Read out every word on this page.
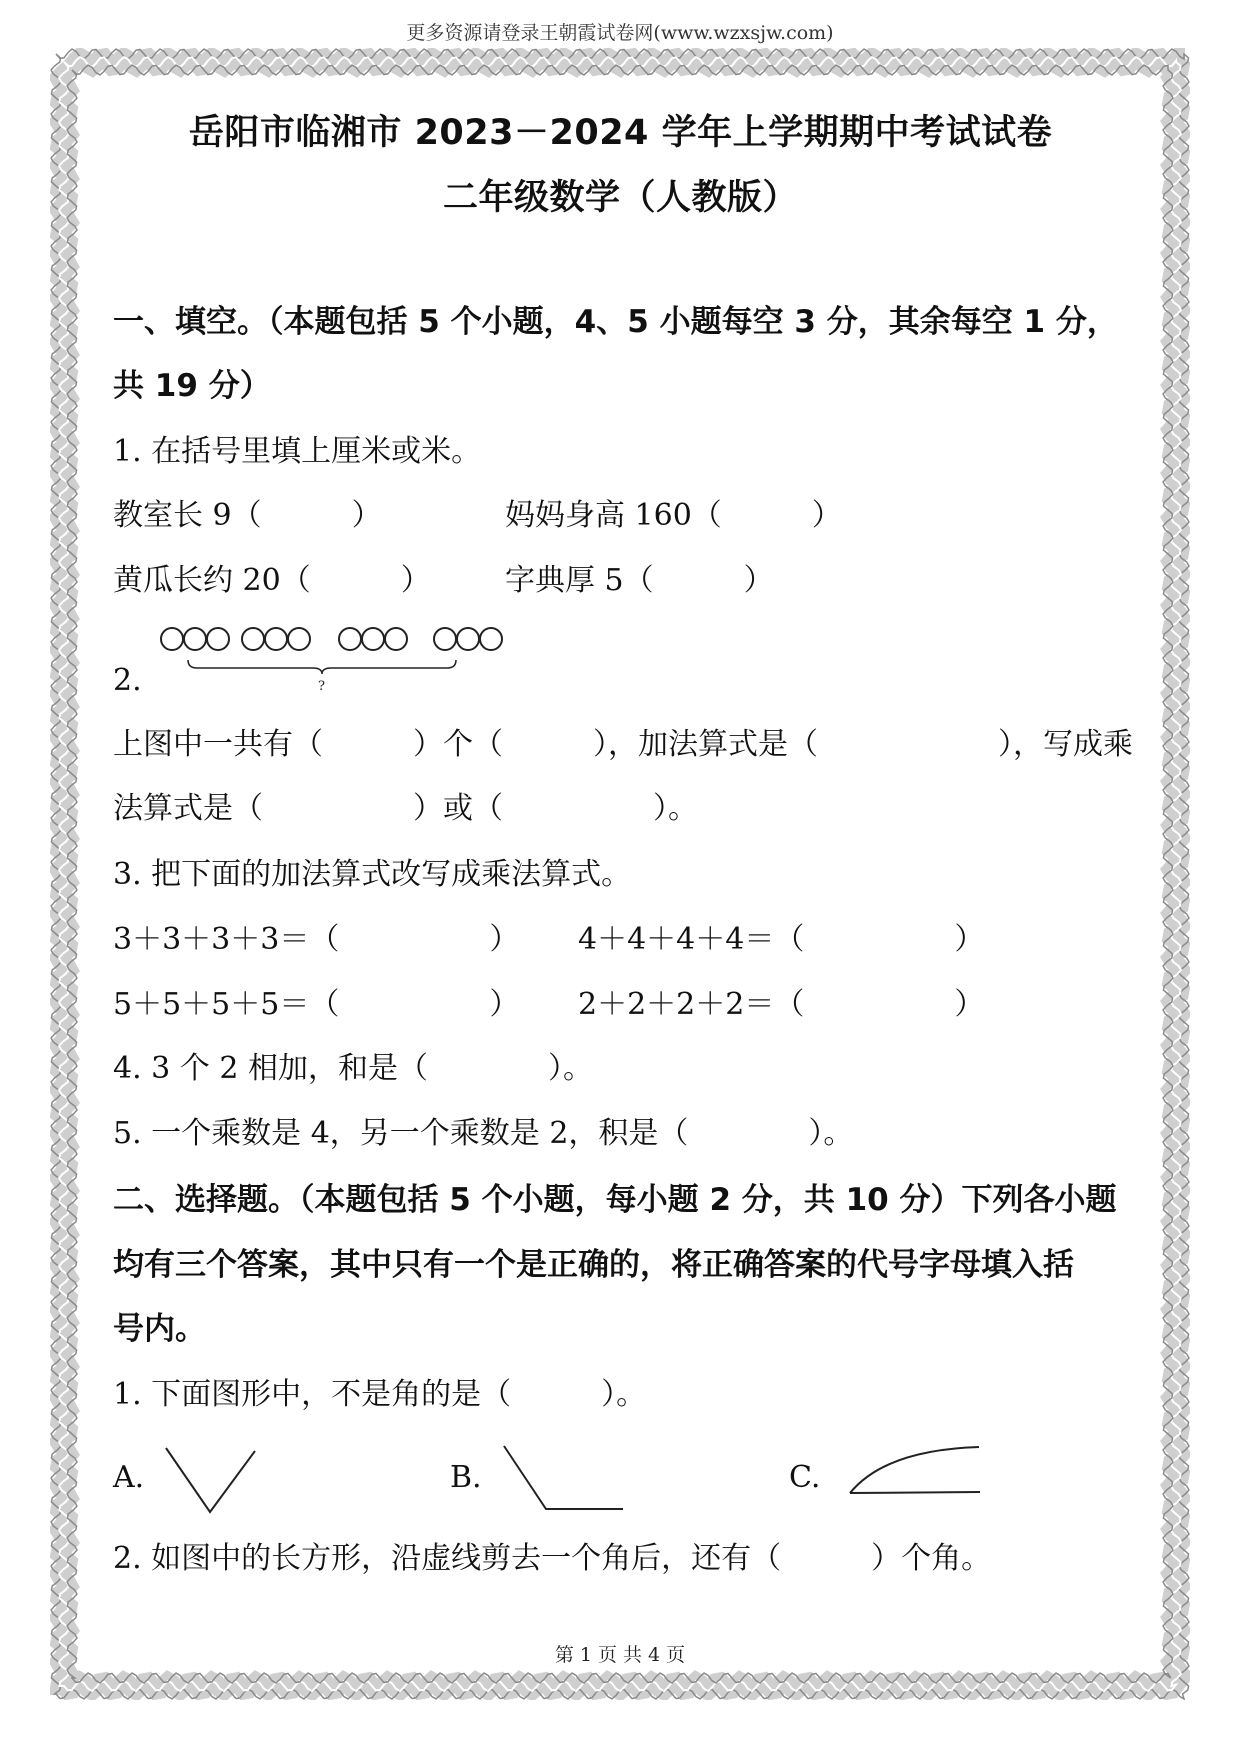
更多资源请登录王朝霞试卷网(www.wzxsjw.com)
岳阳市临湘市 2023－2024 学年上学期期中考试试卷
二年级数学（人教版）
一、填空。（本题包括 5 个小题，4、5 小题每空 3 分，其余每空 1 分，
共 19 分）
1. 在括号里填上厘米或米。
教室长 9（　　　）	妈妈身高 160（　　　）
黄瓜长约 20（　　　） 字典厚 5（　　　）
?
2.
上图中一共有（　　　）个（　　　），加法算式是（　　　　　　），写成乘
法算式是（　　　　　）或（　　　　　）。
3. 把下面的加法算式改写成乘法算式。
3＋3＋3＋3＝（　　　　　） 4＋4＋4＋4＝（　　　　　）
5＋5＋5＋5＝（　　　　　） 2＋2＋2＋2＝（　　　　　）
4. 3 个 2 相加，和是（　　　　）。
5. 一个乘数是 4，另一个乘数是 2，积是（　　　　）。
二、选择题。（本题包括 5 个小题，每小题 2 分，共 10 分）下列各小题
均有三个答案，其中只有一个是正确的，将正确答案的代号字母填入括
号内。
1. 下面图形中，不是角的是（　　　）。
A.	B.	C.
2. 如图中的长方形，沿虚线剪去一个角后，还有（　　　）个角。
第 1 页 共 4 页
